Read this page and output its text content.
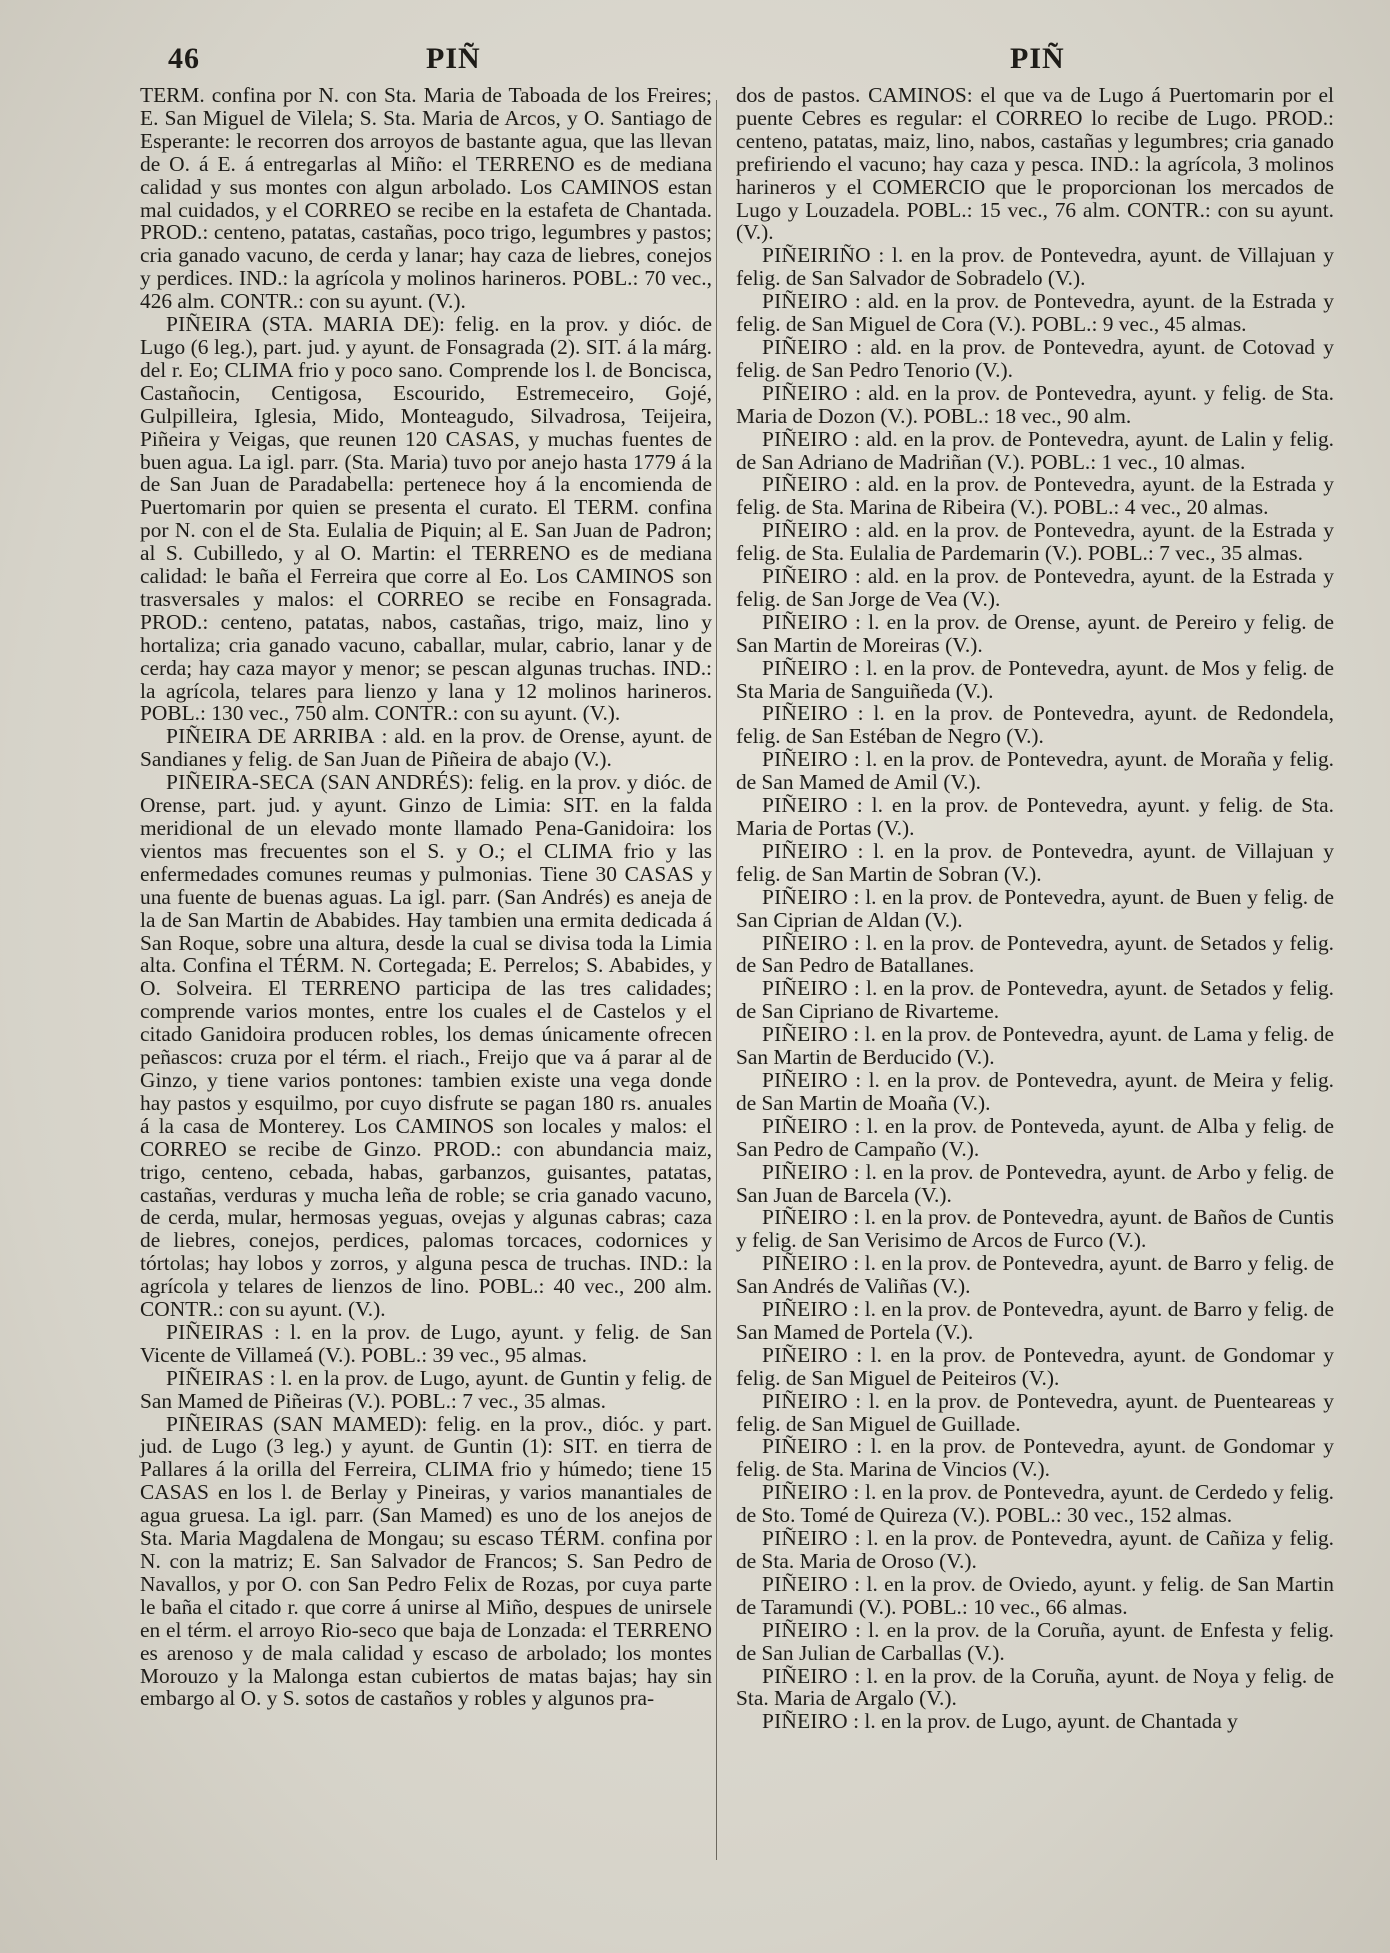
46	PIÑ	PIÑ

TERM. confina por N. con Sta. Maria de Taboada de los Freires; E. San Miguel de Vilela; S. Sta. Maria de Arcos, y O. Santiago de Esperante: le recorren dos arroyos de bastante agua, que las llevan de O. á E. á entregarlas al Miño: el TERRENO es de mediana calidad y sus montes con algun arbolado. Los CAMINOS estan mal cuidados, y el CORREO se recibe en la estafeta de Chantada. PROD.: centeno, patatas, castañas, poco trigo, legumbres y pastos; cria ganado vacuno, de cerda y lanar; hay caza de liebres, conejos y perdices. IND.: la agrícola y molinos harineros. POBL.: 70 vec., 426 alm. CONTR.: con su ayunt. (V.).

PIÑEIRA (STA. MARIA DE): felig. en la prov. y dióc. de Lugo (6 leg.), part. jud. y ayunt. de Fonsagrada (2). SIT. á la márg. del r. Eo; CLIMA frio y poco sano. Comprende los l. de Boncisca, Castañocin, Centigosa, Escourido, Estremeceiro, Gojé, Gulpilleira, Iglesia, Mido, Monteagudo, Silvadrosa, Teijeira, Piñeira y Veigas, que reunen 120 CASAS, y muchas fuentes de buen agua. La igl. parr. (Sta. Maria) tuvo por anejo hasta 1779 á la de San Juan de Paradabella: pertenece hoy á la encomienda de Puertomarin por quien se presenta el curato. El TERM. confina por N. con el de Sta. Eulalia de Piquin; al E. San Juan de Padron; al S. Cubilledo, y al O. Martin: el TERRENO es de mediana calidad: le baña el Ferreira que corre al Eo. Los CAMINOS son trasversales y malos: el CORREO se recibe en Fonsagrada. PROD.: centeno, patatas, nabos, castañas, trigo, maiz, lino y hortaliza; cria ganado vacuno, caballar, mular, cabrio, lanar y de cerda; hay caza mayor y menor; se pescan algunas truchas. IND.: la agrícola, telares para lienzo y lana y 12 molinos harineros. POBL.: 130 vec., 750 alm. CONTR.: con su ayunt. (V.).

PIÑEIRA DE ARRIBA : ald. en la prov. de Orense, ayunt. de Sandianes y felig. de San Juan de Piñeira de abajo (V.).

PIÑEIRA-SECA (SAN ANDRÉS): felig. en la prov. y dióc. de Orense, part. jud. y ayunt. Ginzo de Limia: SIT. en la falda meridional de un elevado monte llamado Pena-Ganidoira: los vientos mas frecuentes son el S. y O.; el CLIMA frio y las enfermedades comunes reumas y pulmonias. Tiene 30 CASAS y una fuente de buenas aguas. La igl. parr. (San Andrés) es aneja de la de San Martin de Ababides. Hay tambien una ermita dedicada á San Roque, sobre una altura, desde la cual se divisa toda la Limia alta. Confina el TÉRM. N. Cortegada; E. Perrelos; S. Ababides, y O. Solveira. El TERRENO participa de las tres calidades; comprende varios montes, entre los cuales el de Castelos y el citado Ganidoira producen robles, los demas únicamente ofrecen peñascos: cruza por el térm. el riach., Freijo que va á parar al de Ginzo, y tiene varios pontones: tambien existe una vega donde hay pastos y esquilmo, por cuyo disfrute se pagan 180 rs. anuales á la casa de Monterey. Los CAMINOS son locales y malos: el CORREO se recibe de Ginzo. PROD.: con abundancia maiz, trigo, centeno, cebada, habas, garbanzos, guisantes, patatas, castañas, verduras y mucha leña de roble; se cria ganado vacuno, de cerda, mular, hermosas yeguas, ovejas y algunas cabras; caza de liebres, conejos, perdices, palomas torcaces, codornices y tórtolas; hay lobos y zorros, y alguna pesca de truchas. IND.: la agrícola y telares de lienzos de lino. POBL.: 40 vec., 200 alm. CONTR.: con su ayunt. (V.).

PIÑEIRAS : l. en la prov. de Lugo, ayunt. y felig. de San Vicente de Villameá (V.). POBL.: 39 vec., 95 almas.

PIÑEIRAS : l. en la prov. de Lugo, ayunt. de Guntin y felig. de San Mamed de Piñeiras (V.). POBL.: 7 vec., 35 almas.

PIÑEIRAS (SAN MAMED): felig. en la prov., dióc. y part. jud. de Lugo (3 leg.) y ayunt. de Guntin (1): SIT. en tierra de Pallares á la orilla del Ferreira, CLIMA frio y húmedo; tiene 15 CASAS en los l. de Berlay y Pineiras, y varios manantiales de agua gruesa. La igl. parr. (San Mamed) es uno de los anejos de Sta. Maria Magdalena de Mongau; su escaso TÉRM. confina por N. con la matriz; E. San Salvador de Francos; S. San Pedro de Navallos, y por O. con San Pedro Felix de Rozas, por cuya parte le baña el citado r. que corre á unirse al Miño, despues de unirsele en el térm. el arroyo Rio-seco que baja de Lonzada: el TERRENO es arenoso y de mala calidad y escaso de arbolado; los montes Morouzo y la Malonga estan cubiertos de matas bajas; hay sin embargo al O. y S. sotos de castaños y robles y algunos pra-

dos de pastos. CAMINOS: el que va de Lugo á Puertomarin por el puente Cebres es regular: el CORREO lo recibe de Lugo. PROD.: centeno, patatas, maiz, lino, nabos, castañas y legumbres; cria ganado prefiriendo el vacuno; hay caza y pesca. IND.: la agrícola, 3 molinos harineros y el COMERCIO que le proporcionan los mercados de Lugo y Louzadela. POBL.: 15 vec., 76 alm. CONTR.: con su ayunt. (V.).

PIÑEIRIÑO : l. en la prov. de Pontevedra, ayunt. de Villajuan y felig. de San Salvador de Sobradelo (V.).

PIÑEIRO : ald. en la prov. de Pontevedra, ayunt. de la Estrada y felig. de San Miguel de Cora (V.). POBL.: 9 vec., 45 almas.

PIÑEIRO : ald. en la prov. de Pontevedra, ayunt. de Cotovad y felig. de San Pedro Tenorio (V.).

PIÑEIRO : ald. en la prov. de Pontevedra, ayunt. y felig. de Sta. Maria de Dozon (V.). POBL.: 18 vec., 90 alm.

PIÑEIRO : ald. en la prov. de Pontevedra, ayunt. de Lalin y felig. de San Adriano de Madriñan (V.). POBL.: 1 vec., 10 almas.

PIÑEIRO : ald. en la prov. de Pontevedra, ayunt. de la Estrada y felig. de Sta. Marina de Ribeira (V.). POBL.: 4 vec., 20 almas.

PIÑEIRO : ald. en la prov. de Pontevedra, ayunt. de la Estrada y felig. de Sta. Eulalia de Pardemarin (V.). POBL.: 7 vec., 35 almas.

PIÑEIRO : ald. en la prov. de Pontevedra, ayunt. de la Estrada y felig. de San Jorge de Vea (V.).

PIÑEIRO : l. en la prov. de Orense, ayunt. de Pereiro y felig. de San Martin de Moreiras (V.).

PIÑEIRO : l. en la prov. de Pontevedra, ayunt. de Mos y felig. de Sta Maria de Sanguiñeda (V.).

PIÑEIRO : l. en la prov. de Pontevedra, ayunt. de Redondela, felig. de San Estéban de Negro (V.).

PIÑEIRO : l. en la prov. de Pontevedra, ayunt. de Moraña y felig. de San Mamed de Amil (V.).

PIÑEIRO : l. en la prov. de Pontevedra, ayunt. y felig. de Sta. Maria de Portas (V.).

PIÑEIRO : l. en la prov. de Pontevedra, ayunt. de Villajuan y felig. de San Martin de Sobran (V.).

PIÑEIRO : l. en la prov. de Pontevedra, ayunt. de Buen y felig. de San Ciprian de Aldan (V.).

PIÑEIRO : l. en la prov. de Pontevedra, ayunt. de Setados y felig. de San Pedro de Batallanes.

PIÑEIRO : l. en la prov. de Pontevedra, ayunt. de Setados y felig. de San Cipriano de Rivarteme.

PIÑEIRO : l. en la prov. de Pontevedra, ayunt. de Lama y felig. de San Martin de Berducido (V.).

PIÑEIRO : l. en la prov. de Pontevedra, ayunt. de Meira y felig. de San Martin de Moaña (V.).

PIÑEIRO : l. en la prov. de Ponteveda, ayunt. de Alba y felig. de San Pedro de Campaño (V.).

PIÑEIRO : l. en la prov. de Pontevedra, ayunt. de Arbo y felig. de San Juan de Barcela (V.).

PIÑEIRO : l. en la prov. de Pontevedra, ayunt. de Baños de Cuntis y felig. de San Verisimo de Arcos de Furco (V.).

PIÑEIRO : l. en la prov. de Pontevedra, ayunt. de Barro y felig. de San Andrés de Valiñas (V.).

PIÑEIRO : l. en la prov. de Pontevedra, ayunt. de Barro y felig. de San Mamed de Portela (V.).

PIÑEIRO : l. en la prov. de Pontevedra, ayunt. de Gondomar y felig. de San Miguel de Peiteiros (V.).

PIÑEIRO : l. en la prov. de Pontevedra, ayunt. de Puenteareas y felig. de San Miguel de Guillade.

PIÑEIRO : l. en la prov. de Pontevedra, ayunt. de Gondomar y felig. de Sta. Marina de Vincios (V.).

PIÑEIRO : l. en la prov. de Pontevedra, ayunt. de Cerdedo y felig. de Sto. Tomé de Quireza (V.). POBL.: 30 vec., 152 almas.

PIÑEIRO : l. en la prov. de Pontevedra, ayunt. de Cañiza y felig. de Sta. Maria de Oroso (V.).

PIÑEIRO : l. en la prov. de Oviedo, ayunt. y felig. de San Martin de Taramundi (V.). POBL.: 10 vec., 66 almas.

PIÑEIRO : l. en la prov. de la Coruña, ayunt. de Enfesta y felig. de San Julian de Carballas (V.).

PIÑEIRO : l. en la prov. de la Coruña, ayunt. de Noya y felig. de Sta. Maria de Argalo (V.).

PIÑEIRO : l. en la prov. de Lugo, ayunt. de Chantada y
